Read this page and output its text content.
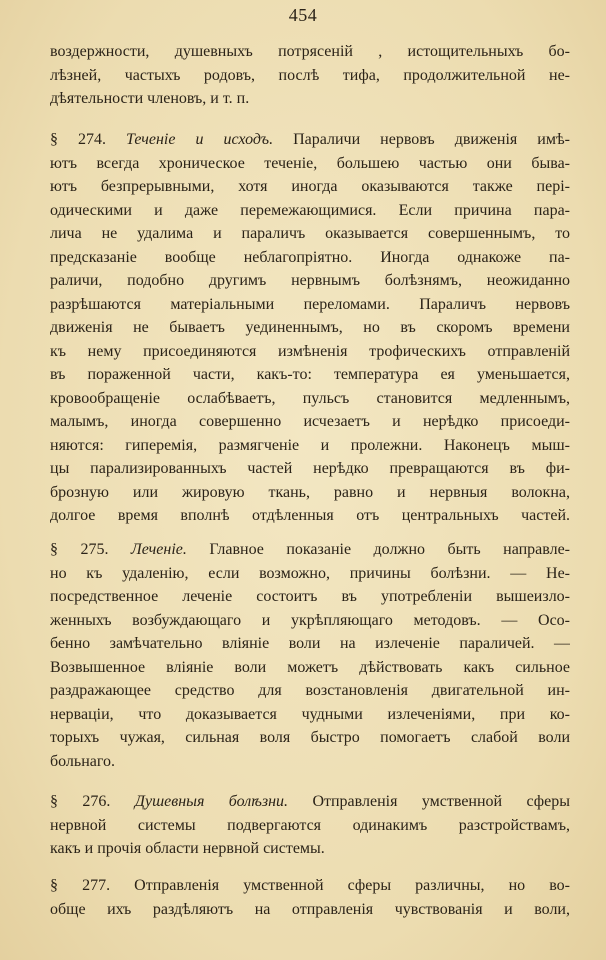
454
воздержности, душевныхъ потрясенiй , истощительныхъ бо-
лѣзней, частыхъ родовъ, послѣ тифа, продолжительной не-
дѣятельности членовъ, и т. п.
§ 274. Теченiе и исходъ. Параличи нервовъ движенiя имѣ-
ютъ всегда хроническое теченiе, большею частью они быва-
ютъ безпрерывными, хотя иногда оказываются также перi-
одическими и даже перемежающимися. Если причина пара-
лича не удалима и параличъ оказывается совершеннымъ, то
предсказанiе вообще неблагопрiятно. Иногда однакоже па-
раличи, подобно другимъ нервнымъ болѣзнямъ, неожиданно
разрѣшаются матерiальными переломами. Параличъ нервовъ
движенiя не бываетъ уединеннымъ, но въ скоромъ времени
къ нему присоединяются измѣненiя трофическихъ отправленiй
въ пораженной части, какъ-то: температура ея уменьшается,
кровообращенiе ослабѣваетъ, пульсъ становится медленнымъ,
малымъ, иногда совершенно исчезаетъ и нерѣдко присоеди-
няются: гиперемiя, размягченiе и пролежни. Наконецъ мыш-
цы парализированныхъ частей нерѣдко превращаются въ фи-
брозную или жировую ткань, равно и нервныя волокна,
долгое время вполнѣ отдѣленныя отъ центральныхъ частей.
§ 275. Леченiе. Главное показанiе должно быть направле-
но къ удаленiю, если возможно, причины болѣзни. — Не-
посредственное леченiе состоитъ въ употребленiи вышеизло-
женныхъ возбуждающаго и укрѣпляющаго методовъ. — Осо-
бенно замѣчательно влiянiе воли на излеченiе параличей. —
Возвышенное влiянiе воли можетъ дѣйствовать какъ сильное
раздражающее средство для возстановленiя двигательной ин-
нервацiи, что доказывается чудными излеченiями, при ко-
торыхъ чужая, сильная воля быстро помогаетъ слабой воли
больнаго.
§ 276. Душевныя болѣзни. Отправленiя умственной сферы
нервной системы подвергаются одинакимъ разстройствамъ,
какъ и прочiя области нервной системы.
§ 277. Отправленiя умственной сферы различны, но во-
обще ихъ раздѣляютъ на отправленiя чувствованiя и воли,
